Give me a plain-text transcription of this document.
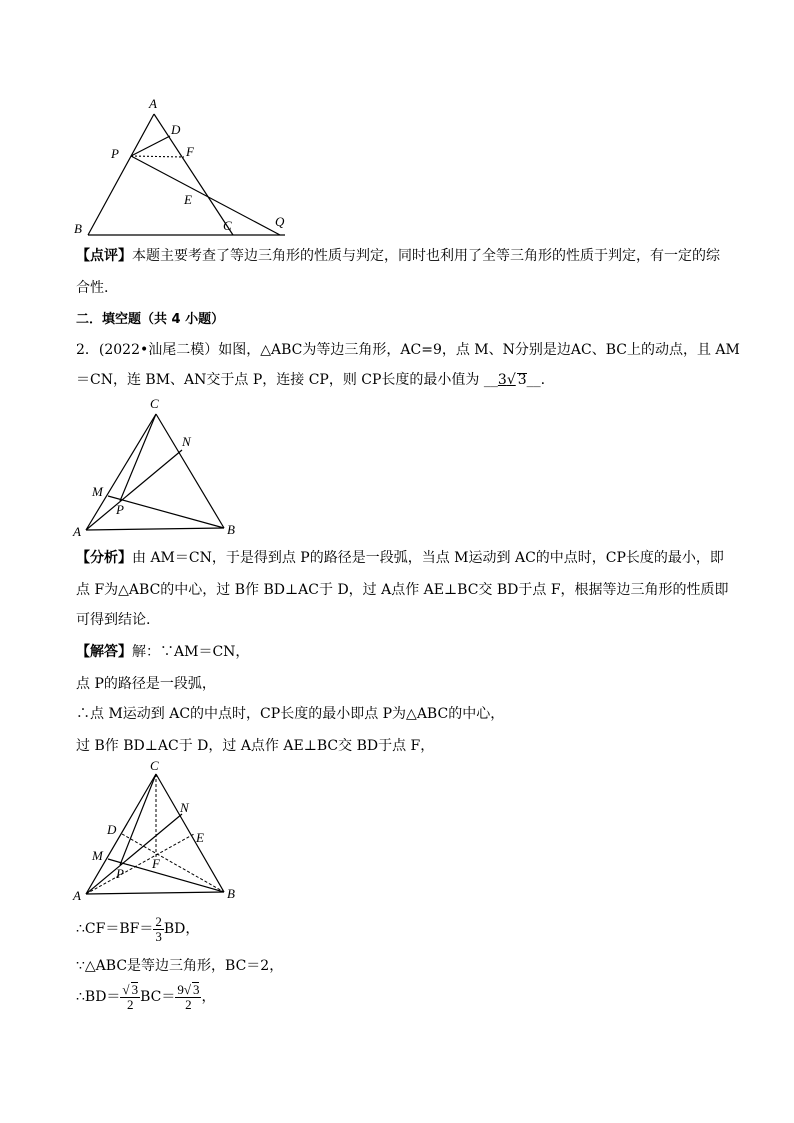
A
D
P	F
E
B	C	Q
【点评】本题主要考查了等边三角形的性质与判定，同时也利用了全等三角形的性质于判定，有一定的综
合性.
二．填空题（共 4 小题）
2．(2022•汕尾二模）如图，△ABC为等边三角形，AC=9，点 M、N分别是边AC、BC上的动点，且 AM
＝CN，连 BM、AN交于点 P，连接 CP，则 CP长度的最小值为 __3√ 3__.
C
N
M
P
A	B
【分析】由 AM＝CN，于是得到点 P的路径是一段弧，当点 M运动到 AC的中点时，CP长度的最小，即
点 F为△ABC的中心，过 B作 BD⊥AC于 D，过 A点作 AE⊥BC交 BD于点 F，根据等边三角形的性质即
可得到结论.
【解答】解：∵AM＝CN，
点 P的路径是一段弧，
∴点 M运动到 AC的中点时，CP长度的最小即点 P为△ABC的中心，
过 B作 BD⊥AC于 D，过 A点作 AE⊥BC交 BD于点 F，
C
N
D
E
M
F
P
A	B
∴CF＝BF＝ $\frac{2}{3}$ BD，
∵△ABC是等边三角形，BC＝2，
∴BD＝ $\frac{√ 3}{2} BC= \frac{9√ 3}{2}$ ，
